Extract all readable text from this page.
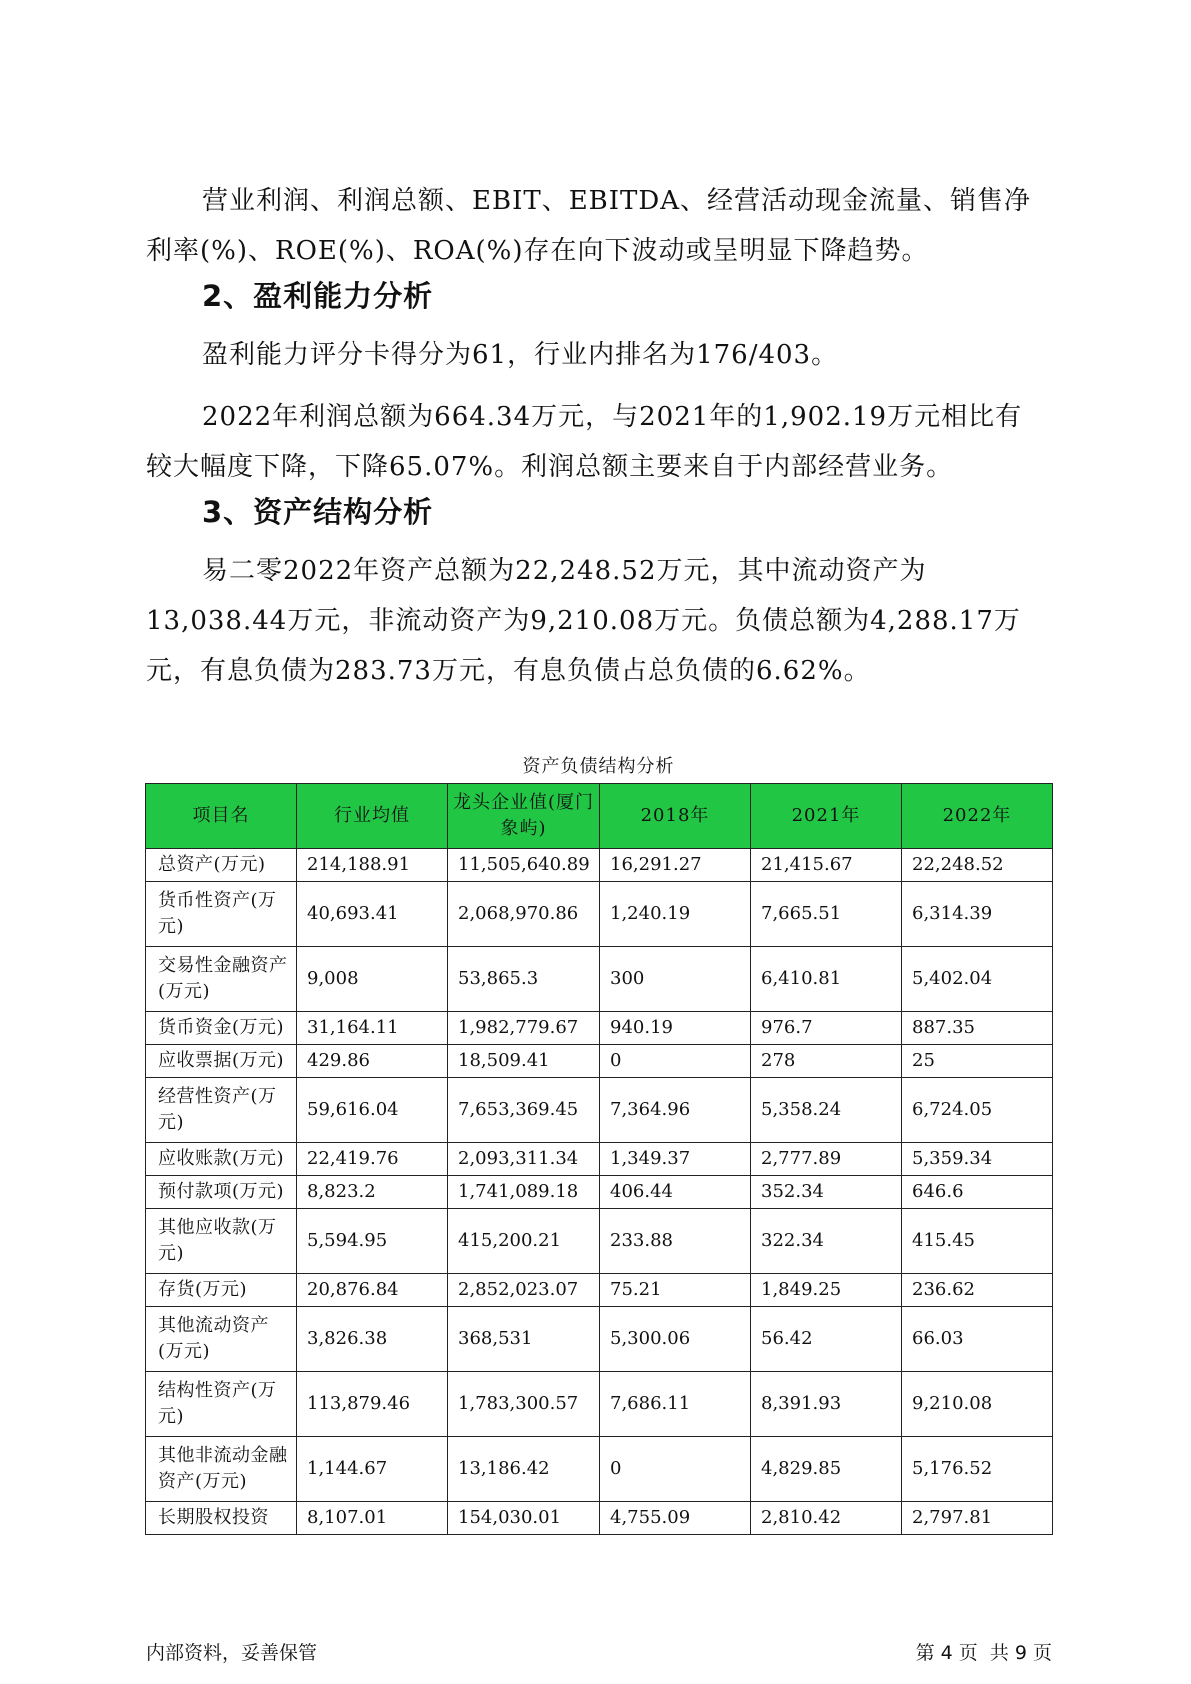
营业利润、利润总额、EBIT、EBITDA、经营活动现金流量、销售净利率(%)、ROE(%)、ROA(%)存在向下波动或呈明显下降趋势。

2、盈利能力分析

盈利能力评分卡得分为61，行业内排名为176/403。

2022年利润总额为664.34万元，与2021年的1,902.19万元相比有较大幅度下降，下降65.07%。利润总额主要来自于内部经营业务。

3、资产结构分析

易二零2022年资产总额为22,248.52万元，其中流动资产为13,038.44万元，非流动资产为9,210.08万元。负债总额为4,288.17万元，有息负债为283.73万元，有息负债占总负债的6.62%。

资产负债结构分析
项目名	行业均值	龙头企业值(厦门象屿)	2018年	2021年	2022年
总资产(万元)	214,188.91	11,505,640.89	16,291.27	21,415.67	22,248.52
货币性资产(万元)	40,693.41	2,068,970.86	1,240.19	7,665.51	6,314.39
交易性金融资产(万元)	9,008	53,865.3	300	6,410.81	5,402.04
货币资金(万元)	31,164.11	1,982,779.67	940.19	976.7	887.35
应收票据(万元)	429.86	18,509.41	0	278	25
经营性资产(万元)	59,616.04	7,653,369.45	7,364.96	5,358.24	6,724.05
应收账款(万元)	22,419.76	2,093,311.34	1,349.37	2,777.89	5,359.34
预付款项(万元)	8,823.2	1,741,089.18	406.44	352.34	646.6
其他应收款(万元)	5,594.95	415,200.21	233.88	322.34	415.45
存货(万元)	20,876.84	2,852,023.07	75.21	1,849.25	236.62
其他流动资产(万元)	3,826.38	368,531	5,300.06	56.42	66.03
结构性资产(万元)	113,879.46	1,783,300.57	7,686.11	8,391.93	9,210.08
其他非流动金融资产(万元)	1,144.67	13,186.42	0	4,829.85	5,176.52
长期股权投资	8,107.01	154,030.01	4,755.09	2,810.42	2,797.81
内部资料，妥善保管	第 4 页  共 9 页
